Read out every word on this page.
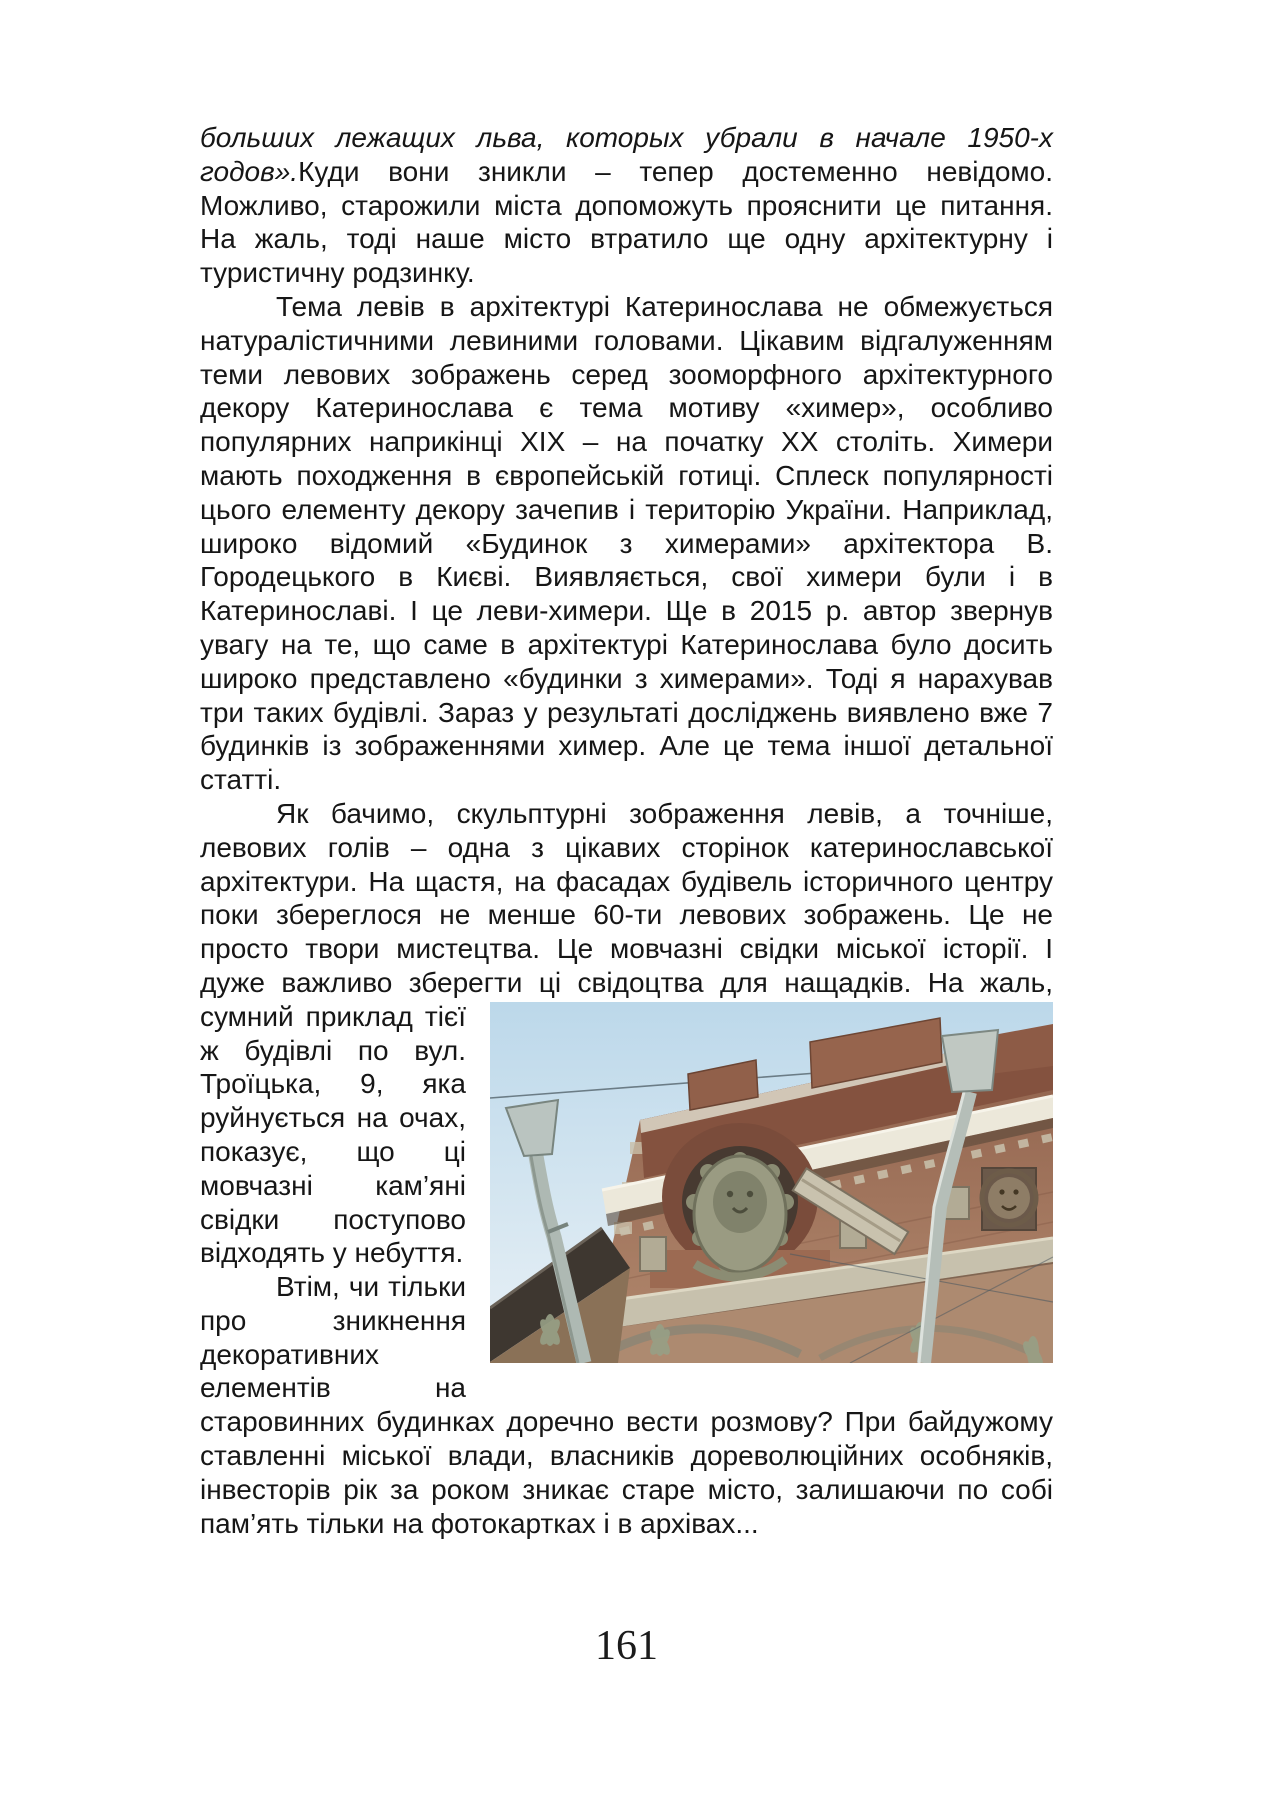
больших лежащих льва, которых убрали в начале 1950-х годов».Куди вони зникли – тепер достеменно невідомо. Можливо, старожили міста допоможуть прояснити це питання. На жаль, тоді наше місто втратило ще одну архітектурну і туристичну родзинку.

Тема левів в архітектурі Катеринослава не обмежується натуралістичними левиними головами. Цікавим відгалуженням теми левових зображень серед зооморфного архітектурного декору Катеринослава є тема мотиву «химер», особливо популярних наприкінці XIX – на початку XX століть. Химери мають походження в європейській готиці. Сплеск популярності цього елементу декору зачепив і територію України. Наприклад, широко відомий «Будинок з химерами» архітектора В. Городецького в Києві. Виявляється, свої химери були і в Катеринославі. І це леви-химери. Ще в 2015 р. автор звернув увагу на те, що саме в архітектурі Катеринослава було досить широко представлено «будинки з химерами». Тоді я нарахував три таких будівлі. Зараз у результаті досліджень виявлено вже 7 будинків із зображеннями химер. Але це тема іншої детальної статті.

Як бачимо, скульптурні зображення левів, а точніше, левових голів – одна з цікавих сторінок катеринославської архітектури. На щастя, на фасадах будівель історичного центру поки збереглося не менше 60-ти левових зображень. Це не просто твори мистецтва. Це мовчазні свідки міської історії. І дуже важливо зберегти ці свідоцтва для
нащадків. На жаль, сумний приклад тієї ж будівлі по вул. Троїцька, 9, яка руйнується на очах, показує, що ці мовчазні кам’яні свідки поступово відходять у небуття.

Втім, чи тільки про зникнення декоративних елементів на старовинних будинках доречно вести розмову? При байдужому ставленні міської влади, власників дореволюційних особняків, інвесторів рік за роком зникає старе місто, залишаючи по собі пам’ять тільки на фотокартках і в архівах...

161
